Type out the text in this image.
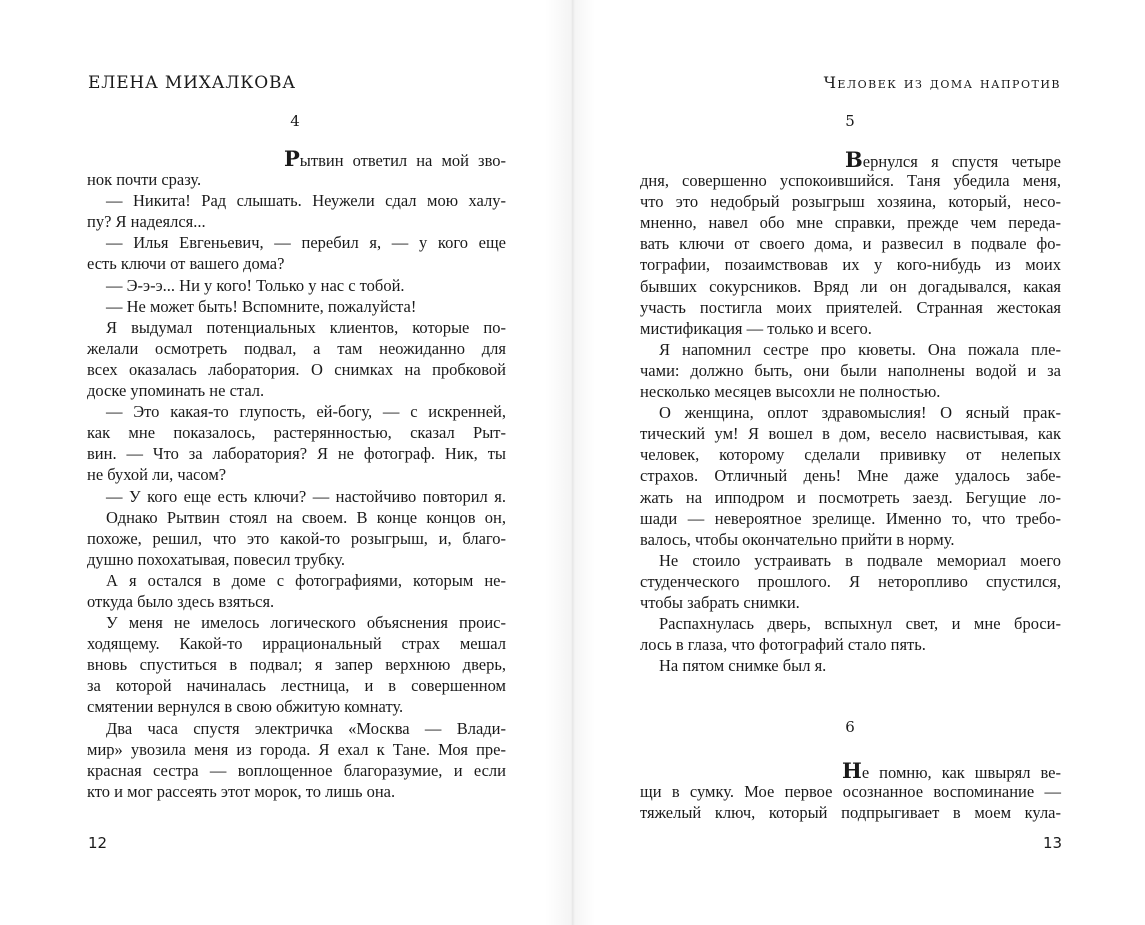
ЕЛЕНА МИХАЛКОВА
4
Рытвин ответил на мой зво-
нок почти сразу.
— Никита! Рад слышать. Неужели сдал мою халу-
пу? Я надеялся...
— Илья Евгеньевич, — перебил я, — у кого еще
есть ключи от вашего дома?
— Э-э-э... Ни у кого! Только у нас с тобой.
— Не может быть! Вспомните, пожалуйста!
Я выдумал потенциальных клиентов, которые по-
желали осмотреть подвал, а там неожиданно для
всех оказалась лаборатория. О снимках на пробковой
доске упоминать не стал.
— Это какая-то глупость, ей-богу, — с искренней,
как мне показалось, растерянностью, сказал Рыт-
вин. — Что за лаборатория? Я не фотограф. Ник, ты
не бухой ли, часом?
— У кого еще есть ключи? — настойчиво повторил я.
Однако Рытвин стоял на своем. В конце концов он,
похоже, решил, что это какой-то розыгрыш, и, благо-
душно похохатывая, повесил трубку.
А я остался в доме с фотографиями, которым не-
откуда было здесь взяться.
У меня не имелось логического объяснения проис-
ходящему. Какой-то иррациональный страх мешал
вновь спуститься в подвал; я запер верхнюю дверь,
за которой начиналась лестница, и в совершенном
смятении вернулся в свою обжитую комнату.
Два часа спустя электричка «Москва — Влади-
мир» увозила меня из города. Я ехал к Тане. Моя пре-
красная сестра — воплощенное благоразумие, и если
кто и мог рассеять этот морок, то лишь она.
12
Человек из дома напротив
5
Вернулся я спустя четыре
дня, совершенно успокоившийся. Таня убедила меня,
что это недобрый розыгрыш хозяина, который, несо-
мненно, навел обо мне справки, прежде чем переда-
вать ключи от своего дома, и развесил в подвале фо-
тографии, позаимствовав их у кого-нибудь из моих
бывших сокурсников. Вряд ли он догадывался, какая
участь постигла моих приятелей. Странная жестокая
мистификация — только и всего.
Я напомнил сестре про кюветы. Она пожала пле-
чами: должно быть, они были наполнены водой и за
несколько месяцев высохли не полностью.
О женщина, оплот здравомыслия! О ясный прак-
тический ум! Я вошел в дом, весело насвистывая, как
человек, которому сделали прививку от нелепых
страхов. Отличный день! Мне даже удалось забе-
жать на ипподром и посмотреть заезд. Бегущие ло-
шади — невероятное зрелище. Именно то, что требо-
валось, чтобы окончательно прийти в норму.
Не стоило устраивать в подвале мемориал моего
студенческого прошлого. Я неторопливо спустился,
чтобы забрать снимки.
Распахнулась дверь, вспыхнул свет, и мне броси-
лось в глаза, что фотографий стало пять.
На пятом снимке был я.
6
Не помню, как швырял ве-
щи в сумку. Мое первое осознанное воспоминание —
тяжелый ключ, который подпрыгивает в моем кула-
13
